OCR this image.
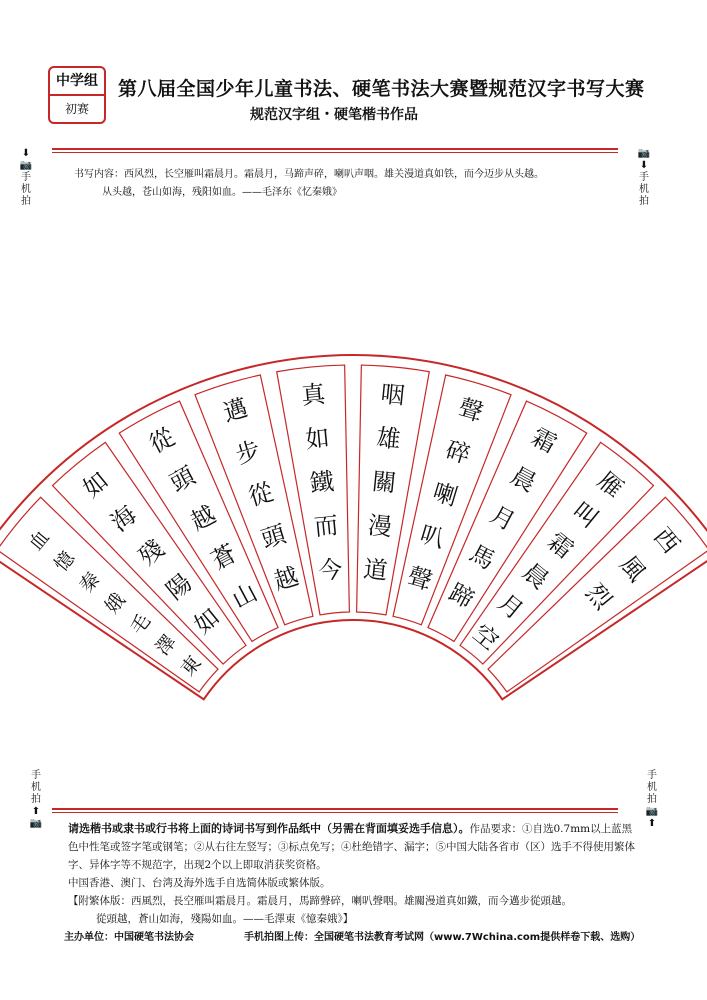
中学组
初赛
第八届全国少年儿童书法、硬笔书法大赛暨规范汉字书写大赛
规范汉字组・硬笔楷书作品
⬇📷 手机拍
📷⬇ 手机拍
书写内容：西风烈，长空雁叫霜晨月。霜晨月，马蹄声碎，喇叭声咽。雄关漫道真如铁，而今迈步从头越。
从头越，苍山如海，残阳如血。——毛泽东《忆秦娥》
西
風
烈
雁
叫
霜
晨
月
空
霜
晨
月
馬
蹄
聲
碎
喇
叭
聲
咽
雄
關
漫
道
真
如
鐵
而
今
邁
步
從
頭
越
從
頭
越
蒼
山
如
海
殘
陽
如
血
憶
秦
娥
毛
澤
東
手机拍 ⬆📷
手机拍 📷⬆
请选楷书或隶书或行书将上面的诗词书写到作品纸中（另需在背面填妥选手信息）。作品要求：①自选0.7mm以上蓝黑色中性笔或签字笔或钢笔；②从右往左竖写；③标点免写；④杜绝错字、漏字；⑤中国大陆各省市（区）选手不得使用繁体字、异体字等不规范字，出现2个以上即取消获奖资格。
中国香港、澳门、台湾及海外选手自选简体版或繁体版。
【附繁体版：西風烈，長空雁叫霜晨月。霜晨月，馬蹄聲碎，喇叭聲咽。雄關漫道真如鐵，而今邁步從頭越。
從頭越，蒼山如海，殘陽如血。——毛澤東《憶秦娥》】
主办单位：中国硬笔书法协会	手机拍图上传：全国硬笔书法教育考试网（www.7Wchina.com提供样卷下载、选购）
